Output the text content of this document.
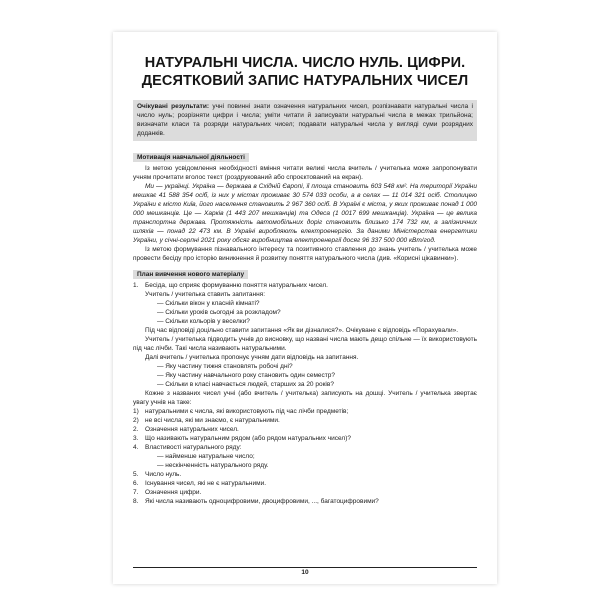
НАТУРАЛЬНІ ЧИСЛА. ЧИСЛО НУЛЬ. ЦИФРИ.
ДЕСЯТКОВИЙ ЗАПИС НАТУРАЛЬНИХ ЧИСЕЛ
Очікувані результати: учні повинні знати означення натуральних чисел, розпізнавати натуральні числа і число нуль; розрізняти цифри і числа; уміти читати й записувати натуральні числа в межах трильйона; визначати класи та розряди натуральних чисел; подавати натуральні числа у вигляді суми розрядних доданків.
Мотивація навчальної діяльності

Із метою усвідомлення необхідності вміння читати великі числа вчитель / учителька може запропонувати учням прочитати вголос текст (роздрукований або спроєктований на екран).

Ми — українці. Україна — держава в Східній Європі, її площа становить 603 548 км². На території України мешкає 41 588 354 осіб, із них у містах проживає 30 574 033 особи, а в селах — 11 014 321 осіб. Столицею України є місто Київ, його населення становить 2 967 360 осіб. В Україні є міста, у яких проживає понад 1 000 000 мешканців. Це — Харків (1 443 207 мешканців) та Одеса (1 0017 699 мешканців). Україна — це велика транспортна держава. Протяжність автомобільних доріг становить близько 174 732 км, а залізничних шляхів — понад 22 473 км. В Україні виробляють електроенергію. За даними Міністерства енергетики України, у січні-серпні 2021 року обсяг виробництва електроенергії досяг 96 337 500 000 кВт/год.

Із метою формування пізнавального інтересу та позитивного ставлення до знань учитель / учителька може провести бесіду про історію виникнення й розвитку поняття натурального числа (див. «Корисні цікавинки»).

План вивчення нового матеріалу

1.	Бесіда, що сприяє формуванню поняття натуральних чисел.

Учитель / учителька ставить запитання:

— Скільки вікон у класній кімнаті?

— Скільки уроків сьогодні за розкладом?

— Скільки кольорів у веселки?

Під час відповіді доцільно ставити запитання «Як ви дізналися?». Очікуване є відповідь «Порахували».

Учитель / учителька підводить учнів до висновку, що названі числа мають дещо спільне — їх використовують під час лічби. Такі числа називають натуральними.

Далі вчитель / учителька пропонує учням дати відповідь на запитання.

— Яку частину тижня становлять робочі дні?

— Яку частину навчального року становить один семестр?

— Скільки в класі навчається людей, старших за 20 років?

Кожне з названих чисел учні (або вчитель / учителька) записують на дошці. Учитель / учителька звертає увагу учнів на таке:

1) натуральними є числа, які використовують під час лічби предметів;

2) не всі числа, які ми знаємо, є натуральними.

2.	Означення натуральних чисел.

3.	Що називають натуральним рядом (або рядом натуральних чисел)?

4.	Властивості натурального ряду:

— найменше натуральне число;

— нескінченність натурального ряду.

5.	Число нуль.

6.	Існування чисел, які не є натуральними.

7.	Означення цифри.

8.	Які числа називають одноцифровими, двоцифровими, ..., багатоцифровими?

10
